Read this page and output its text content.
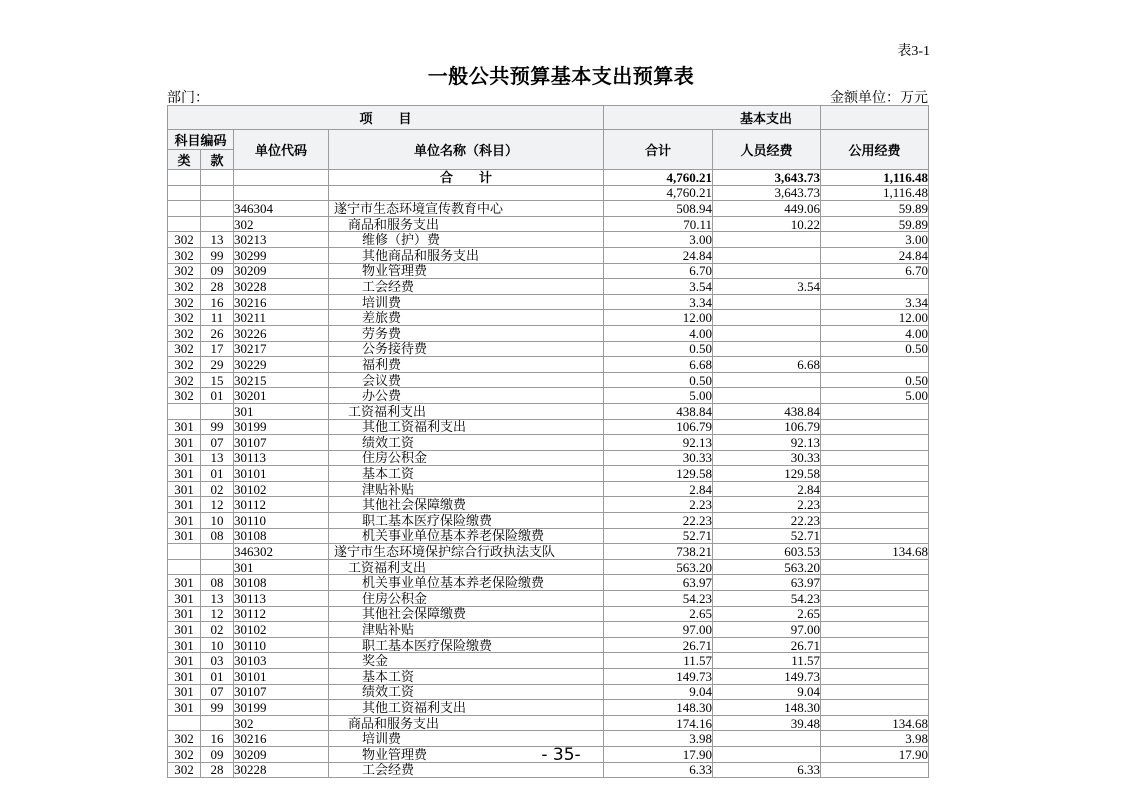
表3-1
一般公共预算基本支出预算表
部门：	金额单位：万元
项　　目				基本支出		

科目编码		单位代码	单位名称（科目）	合计	人员经费	公用经费
类	款					
			合　　计	4,760.21	3,643.73	1,116.48
				4,760.21	3,643.73	1,116.48
		346304	遂宁市生态环境宣传教育中心	508.94	449.06	59.89
		302	商品和服务支出	70.11	10.22	59.89
302	13	30213	维修（护）费	3.00		3.00
302	99	30299	其他商品和服务支出	24.84		24.84
302	09	30209	物业管理费	6.70		6.70
302	28	30228	工会经费	3.54	3.54	
302	16	30216	培训费	3.34		3.34
302	11	30211	差旅费	12.00		12.00
302	26	30226	劳务费	4.00		4.00
302	17	30217	公务接待费	0.50		0.50
302	29	30229	福利费	6.68	6.68	
302	15	30215	会议费	0.50		0.50
302	01	30201	办公费	5.00		5.00
		301	工资福利支出	438.84	438.84	
301	99	30199	其他工资福利支出	106.79	106.79	
301	07	30107	绩效工资	92.13	92.13	
301	13	30113	住房公积金	30.33	30.33	
301	01	30101	基本工资	129.58	129.58	
301	02	30102	津贴补贴	2.84	2.84	
301	12	30112	其他社会保障缴费	2.23	2.23	
301	10	30110	职工基本医疗保险缴费	22.23	22.23	
301	08	30108	机关事业单位基本养老保险缴费	52.71	52.71	
		346302	遂宁市生态环境保护综合行政执法支队	738.21	603.53	134.68
		301	工资福利支出	563.20	563.20	
301	08	30108	机关事业单位基本养老保险缴费	63.97	63.97	
301	13	30113	住房公积金	54.23	54.23	
301	12	30112	其他社会保障缴费	2.65	2.65	
301	02	30102	津贴补贴	97.00	97.00	
301	10	30110	职工基本医疗保险缴费	26.71	26.71	
301	03	30103	奖金	11.57	11.57	
301	01	30101	基本工资	149.73	149.73	
301	07	30107	绩效工资	9.04	9.04	
301	99	30199	其他工资福利支出	148.30	148.30	
		302	商品和服务支出	174.16	39.48	134.68
302	16	30216	培训费	3.98		3.98
302	09	30209	物业管理费	17.90		17.90
302	28	30228	工会经费	6.33	6.33	
- 35-
